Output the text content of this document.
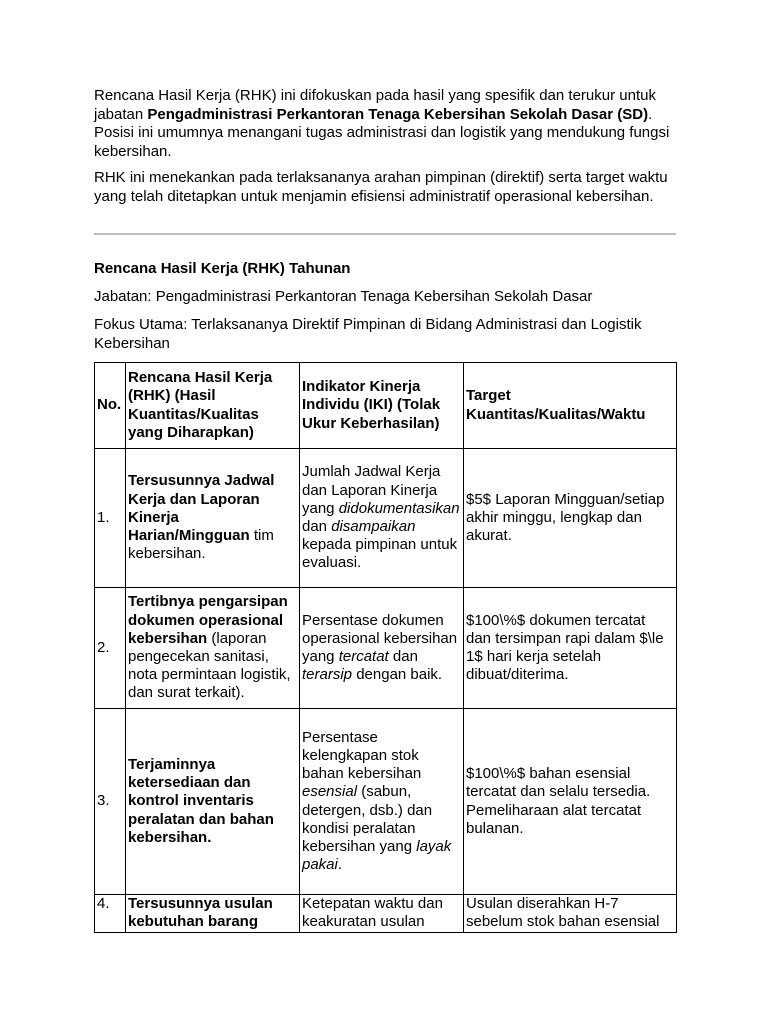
Rencana Hasil Kerja (RHK) ini difokuskan pada hasil yang spesifik dan terukur untuk jabatan Pengadministrasi Perkantoran Tenaga Kebersihan Sekolah Dasar (SD). Posisi ini umumnya menangani tugas administrasi dan logistik yang mendukung fungsi kebersihan.

RHK ini menekankan pada terlaksananya arahan pimpinan (direktif) serta target waktu yang telah ditetapkan untuk menjamin efisiensi administratif operasional kebersihan.

Rencana Hasil Kerja (RHK) Tahunan

Jabatan: Pengadministrasi Perkantoran Tenaga Kebersihan Sekolah Dasar

Fokus Utama: Terlaksananya Direktif Pimpinan di Bidang Administrasi dan Logistik Kebersihan

No.	Rencana Hasil Kerja (RHK) (Hasil Kuantitas/Kualitas yang Diharapkan)	Indikator Kinerja Individu (IKI) (Tolak Ukur Keberhasilan)	Target Kuantitas/Kualitas/Waktu
1.	Tersusunnya Jadwal Kerja dan Laporan Kinerja Harian/Mingguan tim kebersihan.	Jumlah Jadwal Kerja dan Laporan Kinerja yang didokumentasikan dan disampaikan kepada pimpinan untuk evaluasi.	$5$ Laporan Mingguan/setiap akhir minggu, lengkap dan akurat.
2.	Tertibnya pengarsipan dokumen operasional kebersihan (laporan pengecekan sanitasi, nota permintaan logistik, dan surat terkait).	Persentase dokumen operasional kebersihan yang tercatat dan terarsip dengan baik.	$100\%$ dokumen tercatat dan tersimpan rapi dalam $\le 1$ hari kerja setelah dibuat/diterima.
3.	Terjaminnya ketersediaan dan kontrol inventaris peralatan dan bahan kebersihan.	Persentase kelengkapan stok bahan kebersihan esensial (sabun, detergen, dsb.) dan kondisi peralatan kebersihan yang layak pakai.	$100\%$ bahan esensial tercatat dan selalu tersedia. Pemeliharaan alat tercatat bulanan.
4.	Tersusunnya usulan kebutuhan barang	Ketepatan waktu dan keakuratan usulan	Usulan diserahkan H-7 sebelum stok bahan esensial
